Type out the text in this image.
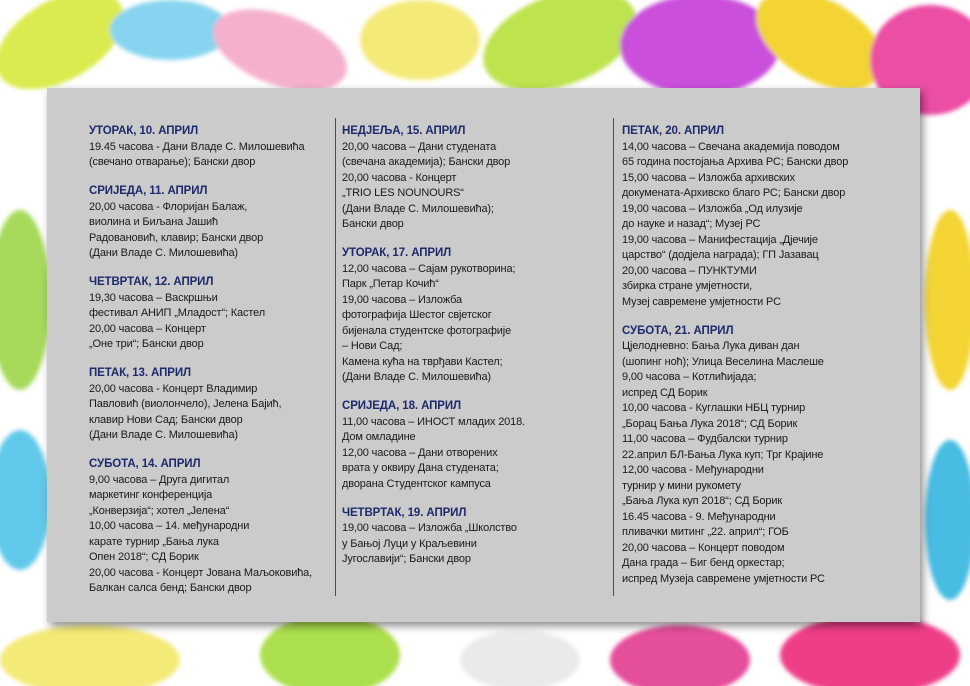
УТОРАК, 10. АПРИЛ
19.45 часова - Дани Владе С. Милошевића
(свечано отварање); Бански двор
СРИЈЕДА, 11. АПРИЛ
20,00 часова - Флоријан Балаж,
виолина и Биљана Јашић
Радовановић, клавир; Бански двор
(Дани Владе С. Милошевића)
ЧЕТВРТАК, 12. АПРИЛ
19,30 часова – Васкршњи
фестивал АНИП „Младост“; Кастел
20,00 часова – Концерт
„Оне три“; Бански двор
ПЕТАК, 13. АПРИЛ
20,00 часова - Концерт Владимир
Павловић (виолончело), Јелена Бајић,
клавир Нови Сад; Бански двор
(Дани Владе С. Милошевића)
СУБОТА, 14. АПРИЛ
9,00 часова – Друга дигитал
маркетинг конференција
„Конверзија“; хотел „Јелена“
10,00 часова – 14. међународни
карате турнир „Бања лука
Опен 2018“; СД Борик
20,00 часова - Концерт Јована Маљоковића,
Балкан салса бенд; Бански двор
НЕДЈЕЉА, 15. АПРИЛ
20,00 часова – Дани студената
(свечана академија); Бански двор
20,00 часова - Концерт
„TRIO LES NOUNOURS“
(Дани Владе С. Милошевића);
Бански двор
УТОРАК, 17. АПРИЛ
12,00 часова – Сајам рукотворина;
Парк „Петар Кочић“
19,00 часова – Изложба
фотографија Шестог свјетског
бијенала студентске фотографије
– Нови Сад;
Камена кућа на тврђави Кастел;
(Дани Владе С. Милошевића)
СРИЈЕДА, 18. АПРИЛ
11,00 часова – ИНОСТ младих 2018.
Дом омладине
12,00 часова – Дани отворених
врата у оквиру Дана студената;
дворана Студентског кампуса
ЧЕТВРТАК, 19. АПРИЛ
19,00 часова – Изложба „Школство
у Бањој Луци у Краљевини
Југославији“; Бански двор
ПЕТАК, 20. АПРИЛ
14,00 часова – Свечана академија поводом
65 година постојања Архива РС; Бански двор
15,00 часова – Изложба архивских
докумената-Архивско благо РС; Бански двор
19,00 часова – Изложба „Од илузије
до науке и назад“; Музеј РС
19,00 часова – Манифестација „Дјечије
царство“ (додјела награда); ГП Јазавац
20,00 часова – ПУНКТУМИ
збирка стране умјетности,
Музеј савремене умјетности РС
СУБОТА, 21. АПРИЛ
Цјелодневно: Бања Лука диван дан
(шопинг ноћ); Улица Веселина Маслеше
9,00 часова – Котлићијада;
испред СД Борик
10,00 часова - Куглашки НБЦ турнир
„Борац Бања Лука 2018“; СД Борик
11,00 часова – Фудбалски турнир
22.април БЛ-Бања Лука куп; Трг Крајине
12,00 часова - Међународни
турнир у мини рукомету
„Бања Лука куп 2018“; СД Борик
16.45 часова - 9. Међународни
пливачки митинг „22. април“; ГОБ
20,00 часова – Концерт поводом
Дана града – Биг бенд оркестар;
испред Музеја савремене умјетности РС
